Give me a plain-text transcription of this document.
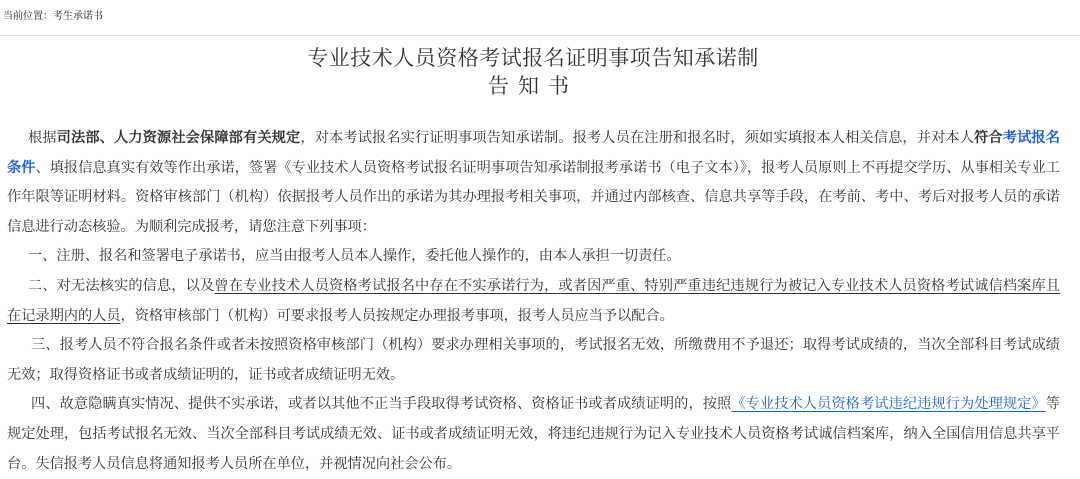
当前位置：考生承诺书
专业技术人员资格考试报名证明事项告知承诺制
告知书

根据司法部、人力资源社会保障部有关规定，对本考试报名实行证明事项告知承诺制。报考人员在注册和报名时，须如实填报本人相关信息，并对本人符合考试报名条件、填报信息真实有效等作出承诺，签署《专业技术人员资格考试报名证明事项告知承诺制报考承诺书（电子文本）》，报考人员原则上不再提交学历、从事相关专业工作年限等证明材料。资格审核部门（机构）依据报考人员作出的承诺为其办理报考相关事项，并通过内部核查、信息共享等手段，在考前、考中、考后对报考人员的承诺信息进行动态核验。为顺利完成报考，请您注意下列事项：

一、注册、报名和签署电子承诺书，应当由报考人员本人操作，委托他人操作的，由本人承担一切责任。

二、对无法核实的信息，以及曾在专业技术人员资格考试报名中存在不实承诺行为，或者因严重、特别严重违纪违规行为被记入专业技术人员资格考试诚信档案库且在记录期内的人员，资格审核部门（机构）可要求报考人员按规定办理报考事项，报考人员应当予以配合。

三、报考人员不符合报名条件或者未按照资格审核部门（机构）要求办理相关事项的，考试报名无效，所缴费用不予退还；取得考试成绩的，当次全部科目考试成绩无效；取得资格证书或者成绩证明的，证书或者成绩证明无效。

四、故意隐瞒真实情况、提供不实承诺，或者以其他不正当手段取得考试资格、资格证书或者成绩证明的，按照《专业技术人员资格考试违纪违规行为处理规定》等规定处理，包括考试报名无效、当次全部科目考试成绩无效、证书或者成绩证明无效，将违纪违规行为记入专业技术人员资格考试诚信档案库，纳入全国信用信息共享平台。失信报考人员信息将通知报考人员所在单位，并视情况向社会公布。
